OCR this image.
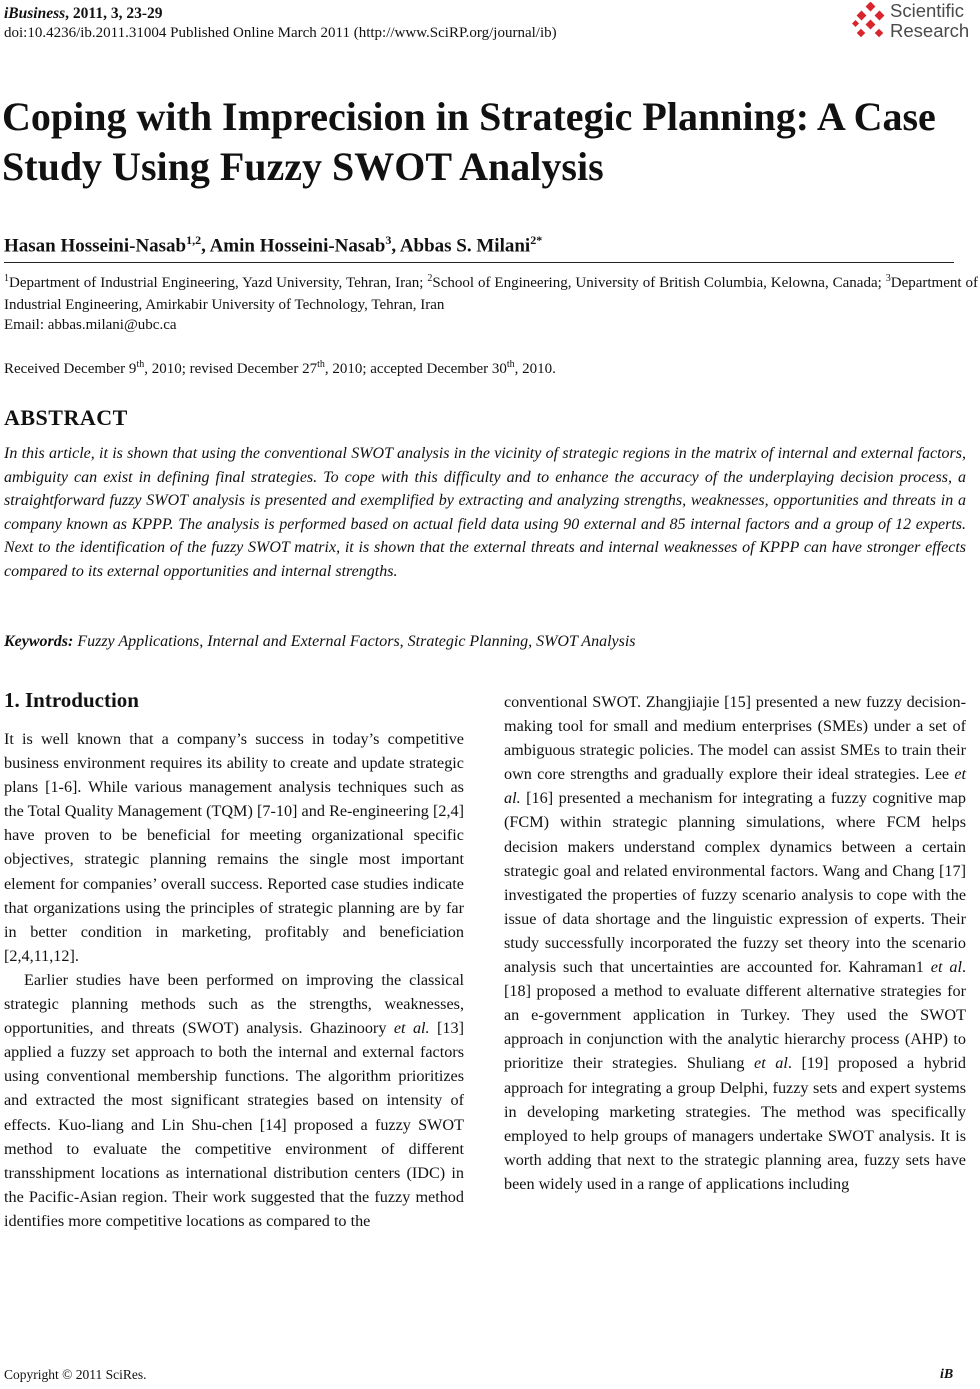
iBusiness, 2011, 3, 23-29
doi:10.4236/ib.2011.31004 Published Online March 2011 (http://www.SciRP.org/journal/ib)
Scientific
Research
Coping with Imprecision in Strategic Planning: A Case Study Using Fuzzy SWOT Analysis
Hasan Hosseini-Nasab$^{1,2}$, Amin Hosseini-Nasab$^3$, Abbas S. Milani$^{2*}$
$^1$Department of Industrial Engineering, Yazd University, Tehran, Iran; $^2$School of Engineering, University of British Columbia, Kelowna, Canada; $^3$Department of Industrial Engineering, Amirkabir University of Technology, Tehran, Iran
Email: abbas.milani@ubc.ca
Received December 9th, 2010; revised December 27th, 2010; accepted December 30th, 2010.
ABSTRACT
In this article, it is shown that using the conventional SWOT analysis in the vicinity of strategic regions in the matrix of internal and external factors, ambiguity can exist in defining final strategies. To cope with this difficulty and to enhance the accuracy of the underplaying decision process, a straightforward fuzzy SWOT analysis is presented and exemplified by extracting and analyzing strengths, weaknesses, opportunities and threats in a company known as KPPP. The analysis is performed based on actual field data using 90 external and 85 internal factors and a group of 12 experts. Next to the identification of the fuzzy SWOT matrix, it is shown that the external threats and internal weaknesses of KPPP can have stronger effects compared to its external opportunities and internal strengths.
Keywords: Fuzzy Applications, Internal and External Factors, Strategic Planning, SWOT Analysis
1. Introduction

It is well known that a company’s success in today’s competitive business environment requires its ability to create and update strategic plans [1-6]. While various management analysis techniques such as the Total Quality Management (TQM) [7-10] and Re-engineering [2,4] have proven to be beneficial for meeting organizational specific objectives, strategic planning remains the single most important element for companies’ overall success. Reported case studies indicate that organizations using the principles of strategic planning are by far in better condition in marketing, profitably and beneficiation [2,4,11,12].

Earlier studies have been performed on improving the classical strategic planning methods such as the strengths, weaknesses, opportunities, and threats (SWOT) analysis. Ghazinoory et al. [13] applied a fuzzy set approach to both the internal and external factors using conventional membership functions. The algorithm prioritizes and extracted the most significant strategies based on intensity of effects. Kuo-liang and Lin Shu-chen [14] proposed a fuzzy SWOT method to evaluate the competitive environment of different transshipment locations as international distribution centers (IDC) in the Pacific-Asian region. Their work suggested that the fuzzy method identifies more competitive locations as compared to the

conventional SWOT. Zhangjiajie [15] presented a new fuzzy decision-making tool for small and medium enterprises (SMEs) under a set of ambiguous strategic policies. The model can assist SMEs to train their own core strengths and gradually explore their ideal strategies. Lee et al. [16] presented a mechanism for integrating a fuzzy cognitive map (FCM) within strategic planning simulations, where FCM helps decision makers understand complex dynamics between a certain strategic goal and related environmental factors. Wang and Chang [17] investigated the properties of fuzzy scenario analysis to cope with the issue of data shortage and the linguistic expression of experts. Their study successfully incorporated the fuzzy set theory into the scenario analysis such that uncertainties are accounted for. Kahraman1 et al. [18] proposed a method to evaluate different alternative strategies for an e-government application in Turkey. They used the SWOT approach in conjunction with the analytic hierarchy process (AHP) to prioritize their strategies. Shuliang et al. [19] proposed a hybrid approach for integrating a group Delphi, fuzzy sets and expert systems in developing marketing strategies. The method was specifically employed to help groups of managers undertake SWOT analysis. It is worth adding that next to the strategic planning area, fuzzy sets have been widely used in a range of applications including

Copyright © 2011 SciRes.	iB
